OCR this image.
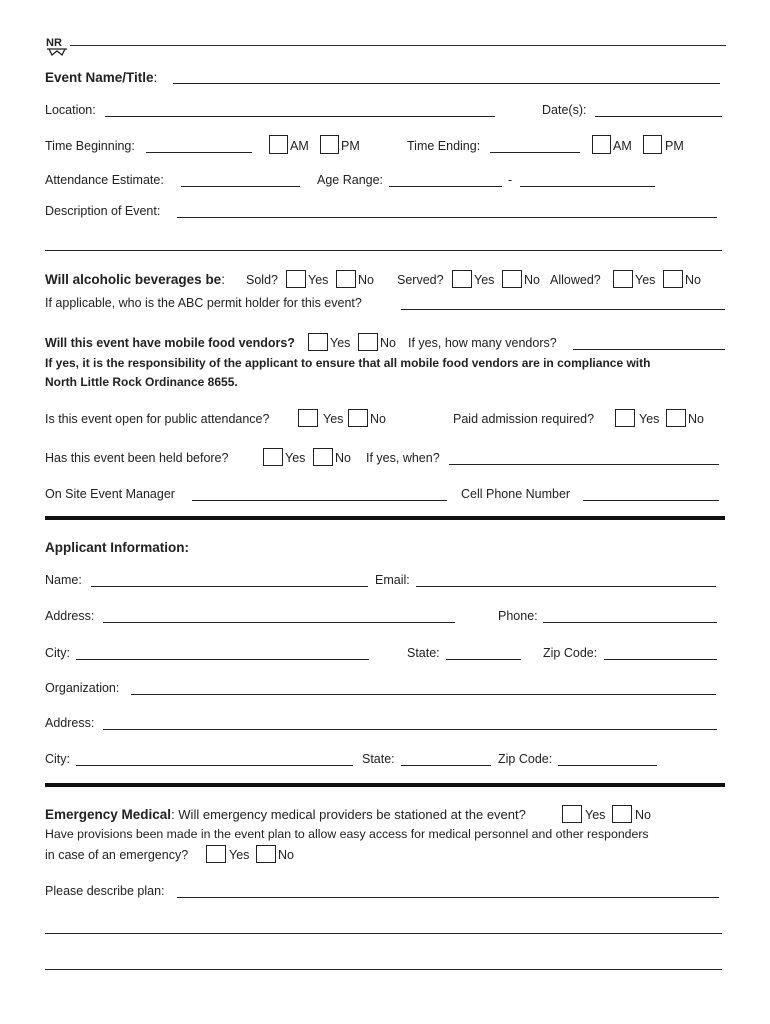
NR
Event Name/Title:
Location:	Date(s):
Time Beginning:	AM	PM	Time Ending:	AM	PM
Attendance Estimate:	Age Range:	-
Description of Event:
Will alcoholic beverages be: Sold? Yes No Served? Yes No Allowed?	Yes No
If applicable, who is the ABC permit holder for this event?
Will this event have mobile food vendors?	Yes No If yes, how many vendors?
If yes, it is the responsibility of the applicant to ensure that all mobile food vendors are in compliance with
North Little Rock Ordinance 8655.
Is this event open for public attendance?	Yes No	Paid admission required?	Yes No
Has this event been held before?	Yes No If yes, when?
On Site Event Manager	Cell Phone Number
Applicant Information:
Name:	Email:
Address:	Phone:
City:	State:	Zip Code:
Organization:
Address:
City:	State:	Zip Code:
Emergency Medical: Will emergency medical providers be stationed at the event?	Yes No
Have provisions been made in the event plan to allow easy access for medical personnel and other responders
in case of an emergency?	Yes No
Please describe plan:
